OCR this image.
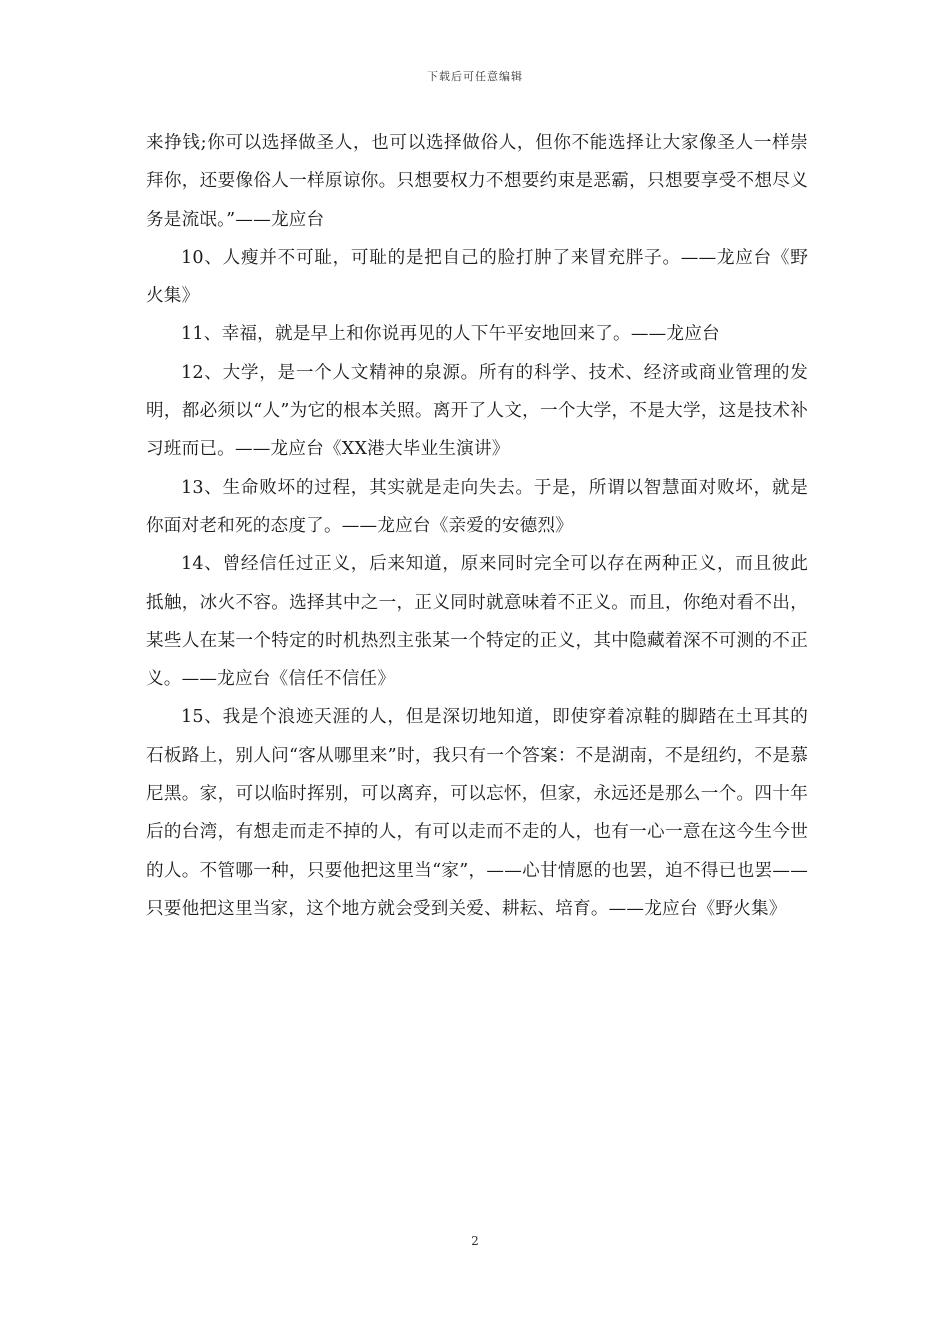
下载后可任意编辑

来挣钱;你可以选择做圣人，也可以选择做俗人，但你不能选择让大家像圣人一样崇拜你，还要像俗人一样原谅你。只想要权力不想要约束是恶霸，只想要享受不想尽义务是流氓。”——龙应台

10、人瘦并不可耻，可耻的是把自己的脸打肿了来冒充胖子。——龙应台《野火集》

11、幸福，就是早上和你说再见的人下午平安地回来了。——龙应台

12、大学，是一个人文精神的泉源。所有的科学、技术、经济或商业管理的发明，都必须以“人”为它的根本关照。离开了人文，一个大学，不是大学，这是技术补习班而已。——龙应台《XX港大毕业生演讲》

13、生命败坏的过程，其实就是走向失去。于是，所谓以智慧面对败坏，就是你面对老和死的态度了。——龙应台《亲爱的安德烈》

14、曾经信任过正义，后来知道，原来同时完全可以存在两种正义，而且彼此抵触，冰火不容。选择其中之一，正义同时就意味着不正义。而且，你绝对看不出，某些人在某一个特定的时机热烈主张某一个特定的正义，其中隐藏着深不可测的不正义。——龙应台《信任不信任》

15、我是个浪迹天涯的人，但是深切地知道，即使穿着凉鞋的脚踏在土耳其的石板路上，别人问“客从哪里来”时，我只有一个答案：不是湖南，不是纽约，不是慕尼黑。家，可以临时挥别，可以离弃，可以忘怀，但家，永远还是那么一个。四十年后的台湾，有想走而走不掉的人，有可以走而不走的人，也有一心一意在这今生今世的人。不管哪一种，只要他把这里当“家”，——心甘情愿的也罢，迫不得已也罢——只要他把这里当家，这个地方就会受到关爱、耕耘、培育。——龙应台《野火集》

2
